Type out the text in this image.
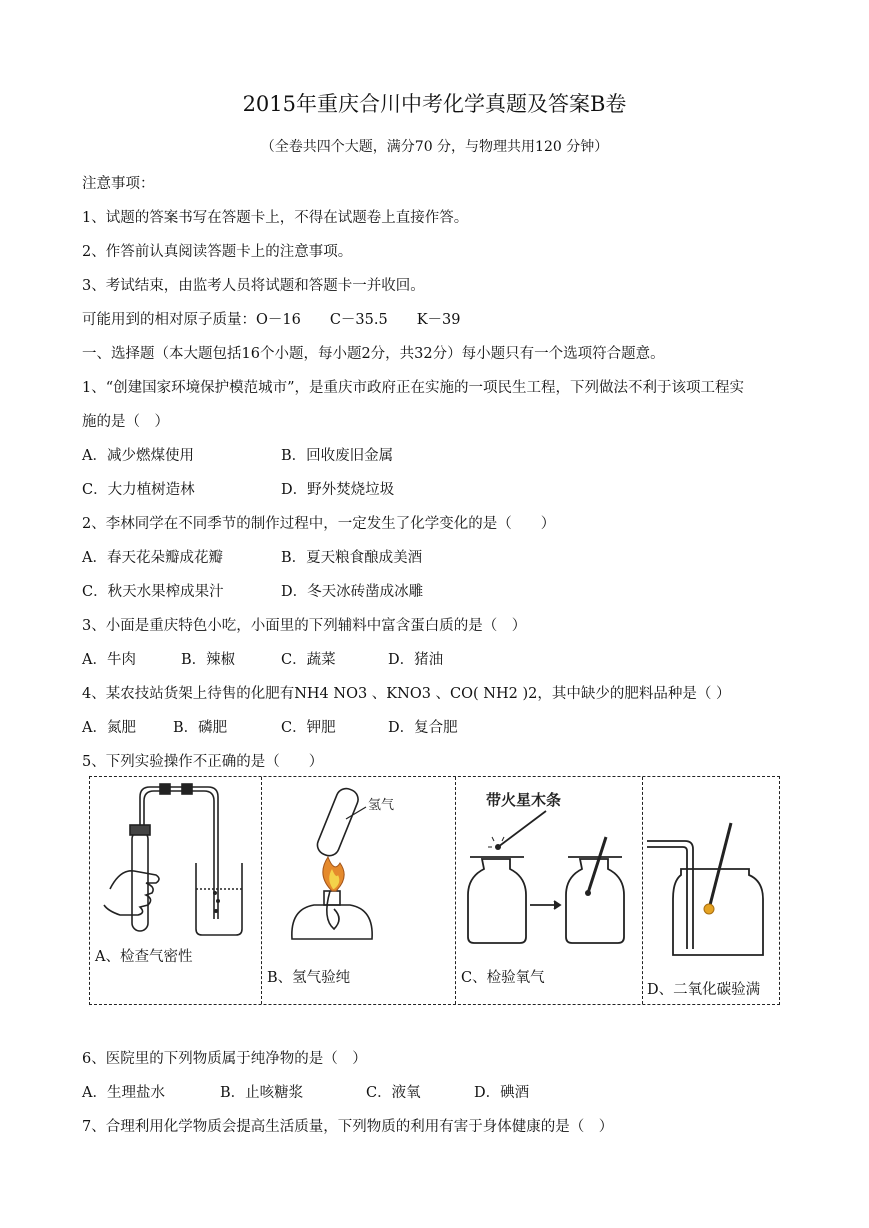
2015年重庆合川中考化学真题及答案B卷
（全卷共四个大题，满分70 分，与物理共用120 分钟）
注意事项：
1、试题的答案书写在答题卡上，不得在试题卷上直接作答。
2、作答前认真阅读答题卡上的注意事项。
3、考试结束，由监考人员将试题和答题卡一并收回。
可能用到的相对原子质量：O－16　　C－35.5　　K－39
一、选择题（本大题包括16个小题，每小题2分，共32分）每小题只有一个选项符合题意。
1、“创建国家环境保护模范城市”，是重庆市政府正在实施的一项民生工程，下列做法不利于该项工程实
施的是（　）
A．减少燃煤使用	B．回收废旧金属
C．大力植树造林	D．野外焚烧垃圾
2、李林同学在不同季节的制作过程中，一定发生了化学变化的是（　　）
A．春天花朵瓣成花瓣	B．夏天粮食酿成美酒
C．秋天水果榨成果汁	D．冬天冰砖凿成冰雕
3、小面是重庆特色小吃，小面里的下列辅料中富含蛋白质的是（　）
A．牛肉	B．辣椒	C．蔬菜	D．猪油
4、某农技站货架上待售的化肥有NH4 NO3 、KNO3 、CO( NH2 )2，其中缺少的肥料品种是（ ）
A．氮肥	B．磷肥	C．钾肥	D．复合肥
5、下列实验操作不正确的是（　　）
A、检查气密性
氢气
B、氢气验纯
带火星木条
C、检验氧气
D、二氧化碳验满
6、医院里的下列物质属于纯净物的是（　）
A．生理盐水	B．止咳糖浆	C．液氧	D．碘酒
7、合理利用化学物质会提高生活质量，下列物质的利用有害于身体健康的是（　）
